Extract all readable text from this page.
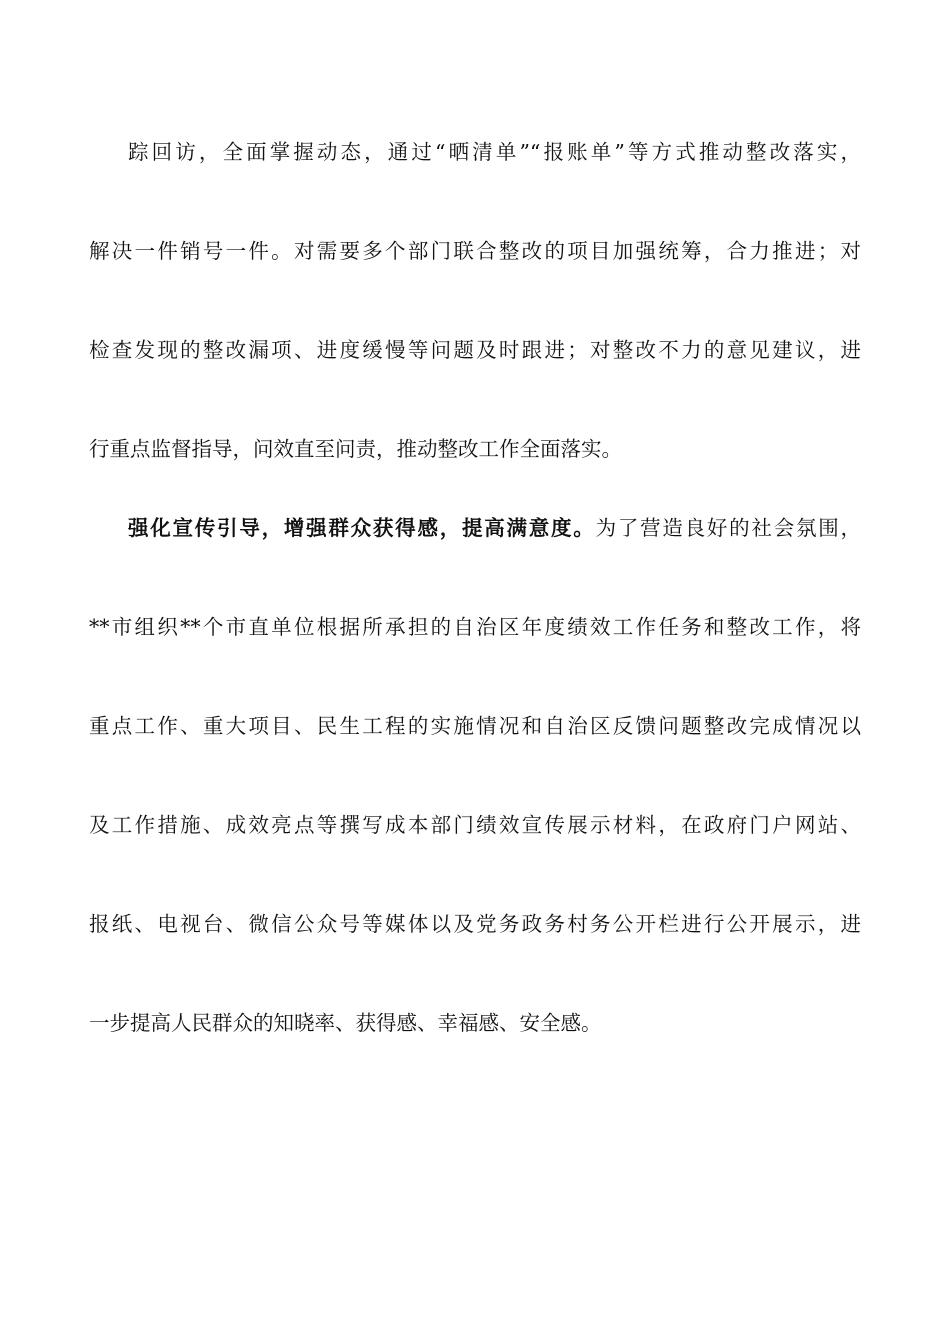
踪回访，全面掌握动态，通过“晒清单”“报账单”等方式推动整改落实，
解决一件销号一件。对需要多个部门联合整改的项目加强统筹，合力推进；对
检查发现的整改漏项、进度缓慢等问题及时跟进；对整改不力的意见建议，进
行重点监督指导，问效直至问责，推动整改工作全面落实。
强化宣传引导，增强群众获得感，提高满意度。为了营造良好的社会氛围，
**市组织**个市直单位根据所承担的自治区年度绩效工作任务和整改工作，将
重点工作、重大项目、民生工程的实施情况和自治区反馈问题整改完成情况以
及工作措施、成效亮点等撰写成本部门绩效宣传展示材料，在政府门户网站、
报纸、电视台、微信公众号等媒体以及党务政务村务公开栏进行公开展示，进
一步提高人民群众的知晓率、获得感、幸福感、安全感。
